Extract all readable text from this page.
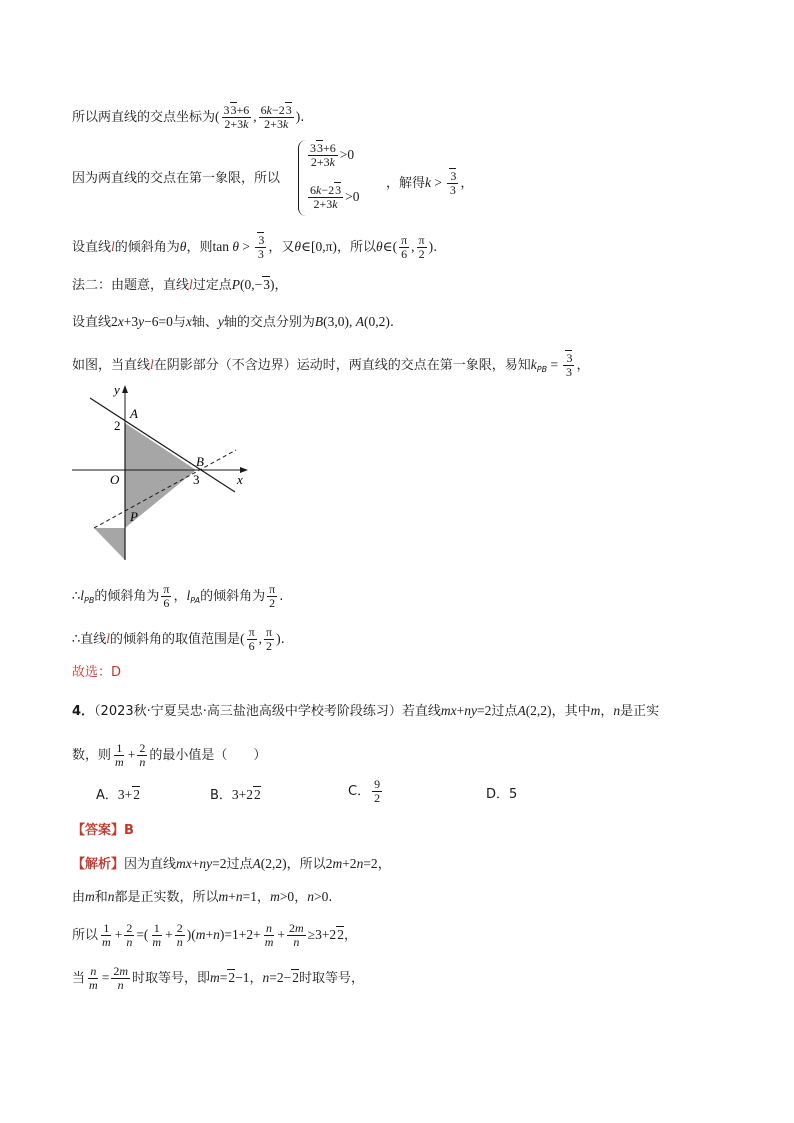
所以两直线的交点坐标为( $\frac{33+6}{2+3k}$ , $\frac{6k-23}{2+3k}$ ).
因为两直线的交点在第一象限，所以
$\frac{33+6}{2+3k} >0$
$\frac{6k-23}{2+3k} >0$
，解得$k > \frac{3}{3}$ ，
设直线l的倾斜角为θ，则$\tan \theta > \frac{3}{3}$ ，又θ∈[0,π)，所以θ∈( $\frac{\pi}{6}$ , $\frac{\pi}{2}$ ).
法二：由题意，直线l过定点P(0,−3)，
设直线2x+3y−6=0与x轴、y轴的交点分别为B(3,0), A(0,2).
如图，当直线l在阴影部分（不含边界）运动时，两直线的交点在第一象限，易知$k_{PB} = \frac{3}{3}$ ，
y
x
A
2
O
B
3
P
$\therefore l_{PB}$的倾斜角为 $\frac{\pi}{6}$ ，$l_{PA}$的倾斜角为 $\frac{\pi}{2}$ .
∴直线l的倾斜角的取值范围是( $\frac{\pi}{6}$ , $\frac{\pi}{2}$ ).
故选：D
4．（2023秋·宁夏吴忠·高三盐池高级中学校考阶段练习）若直线mx+ny=2过点A(2,2)，其中m，n是正实
数，则 $\frac{1}{m} + \frac{2}{n}$ 的最小值是（　　）
A．3+2	B．3+22	C． $\frac{9}{2}$	D．5
【答案】B
【解析】因为直线mx+ny=2过点A(2,2)，所以2m+2n=2，
由m和n都是正实数，所以m+n=1，m>0，n>0.
所以 $\frac{1}{m} + \frac{2}{n}$ =( $\frac{1}{m} + \frac{2}{n} )(m+n)=1+2+ \frac{n}{m} + \frac{2m}{n} \ge 3+22$，
当 $\frac{n}{m} = \frac{2m}{n}$ 时取等号，即m=2−1，n=2−2时取等号，
